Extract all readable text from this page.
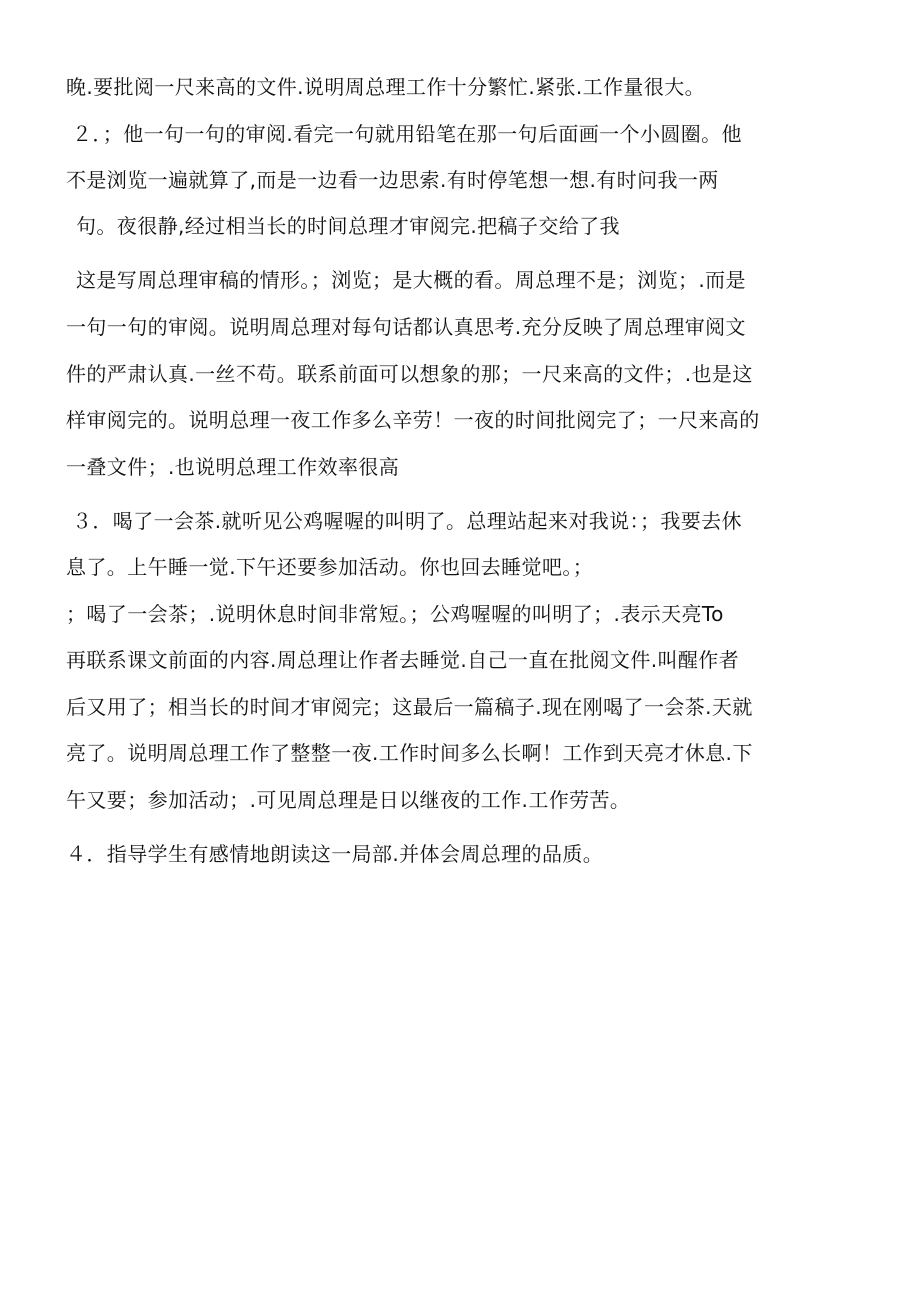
晚.要批阅一尺来高的文件.说明周总理工作十分繁忙.紧张.工作量很大。
２．；他一句一句的审阅.看完一句就用铅笔在那一句后面画一个小圆圈。他
不是浏览一遍就算了,而是一边看一边思索.有时停笔想一想.有时问我一两
句。夜很静,经过相当长的时间总理才审阅完.把稿子交给了我
这是写周总理审稿的情形。；浏览；是大概的看。周总理不是；浏览；.而是
一句一句的审阅。说明周总理对每句话都认真思考.充分反映了周总理审阅文
件的严肃认真.一丝不苟。联系前面可以想象的那；一尺来高的文件；.也是这
样审阅完的。说明总理一夜工作多么辛劳！一夜的时间批阅完了；一尺来高的
一叠文件；.也说明总理工作效率很高
３．喝了一会茶.就听见公鸡喔喔的叫明了。总理站起来对我说：；我要去休
息了。上午睡一觉.下午还要参加活动。你也回去睡觉吧。；
；喝了一会茶；.说明休息时间非常短。；公鸡喔喔的叫明了；.表示天亮To
再联系课文前面的内容.周总理让作者去睡觉.自己一直在批阅文件.叫醒作者
后又用了；相当长的时间才审阅完；这最后一篇稿子.现在刚喝了一会茶.天就
亮了。说明周总理工作了整整一夜.工作时间多么长啊！工作到天亮才休息.下
午又要；参加活动；.可见周总理是日以继夜的工作.工作劳苦。
４．指导学生有感情地朗读这一局部.并体会周总理的品质。
